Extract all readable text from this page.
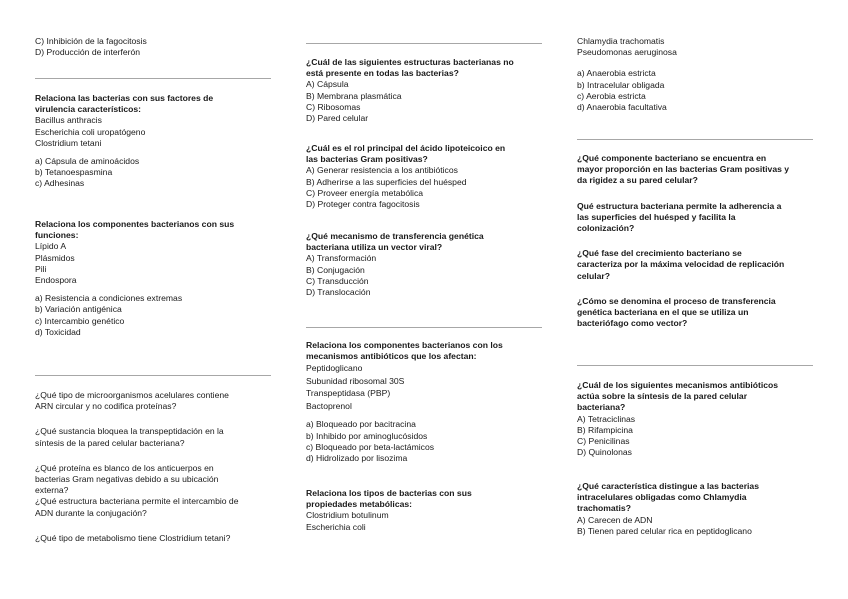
C) Inhibición de la fagocitosis
D) Producción de interferón
Relaciona las bacterias con sus factores de
virulencia característicos:
Bacillus anthracis
Escherichia coli uropatógeno
Clostridium tetani
a) Cápsula de aminoácidos
b) Tetanoespasmina
c) Adhesinas
Relaciona los componentes bacterianos con sus
funciones:
Lípido A
Plásmidos
Pili
Endospora
a) Resistencia a condiciones extremas
b) Variación antigénica
c) Intercambio genético
d) Toxicidad
¿Qué tipo de microorganismos acelulares contiene
ARN circular y no codifica proteínas?
¿Qué sustancia bloquea la transpeptidación en la
síntesis de la pared celular bacteriana?
¿Qué proteína es blanco de los anticuerpos en
bacterias Gram negativas debido a su ubicación
externa?
¿Qué estructura bacteriana permite el intercambio de
ADN durante la conjugación?
¿Qué tipo de metabolismo tiene Clostridium tetani?
¿Cuál de las siguientes estructuras bacterianas no
está presente en todas las bacterias?
A) Cápsula
B) Membrana plasmática
C) Ribosomas
D) Pared celular
¿Cuál es el rol principal del ácido lipoteicoico en
las bacterias Gram positivas?
A) Generar resistencia a los antibióticos
B) Adherirse a las superficies del huésped
C) Proveer energía metabólica
D) Proteger contra fagocitosis
¿Qué mecanismo de transferencia genética
bacteriana utiliza un vector viral?
A) Transformación
B) Conjugación
C) Transducción
D) Translocación
Relaciona los componentes bacterianos con los
mecanismos antibióticos que los afectan:
Peptidoglicano
Subunidad ribosomal 30S
Transpeptidasa (PBP)
Bactoprenol
a) Bloqueado por bacitracina
b) Inhibido por aminoglucósidos
c) Bloqueado por beta-lactámicos
d) Hidrolizado por lisozima
Relaciona los tipos de bacterias con sus
propiedades metabólicas:
Clostridium botulinum
Escherichia coli
Chlamydia trachomatis
Pseudomonas aeruginosa
a) Anaerobia estricta
b) Intracelular obligada
c) Aerobia estricta
d) Anaerobia facultativa
¿Qué componente bacteriano se encuentra en
mayor proporción en las bacterias Gram positivas y
da rigidez a su pared celular?
Qué estructura bacteriana permite la adherencia a
las superficies del huésped y facilita la
colonización?
¿Qué fase del crecimiento bacteriano se
caracteriza por la máxima velocidad de replicación
celular?
¿Cómo se denomina el proceso de transferencia
genética bacteriana en el que se utiliza un
bacteriófago como vector?
¿Cuál de los siguientes mecanismos antibióticos
actúa sobre la síntesis de la pared celular
bacteriana?
A) Tetraciclinas
B) Rifampicina
C) Penicilinas
D) Quinolonas
¿Qué característica distingue a las bacterias
intracelulares obligadas como Chlamydia
trachomatis?
A) Carecen de ADN
B) Tienen pared celular rica en peptidoglicano
